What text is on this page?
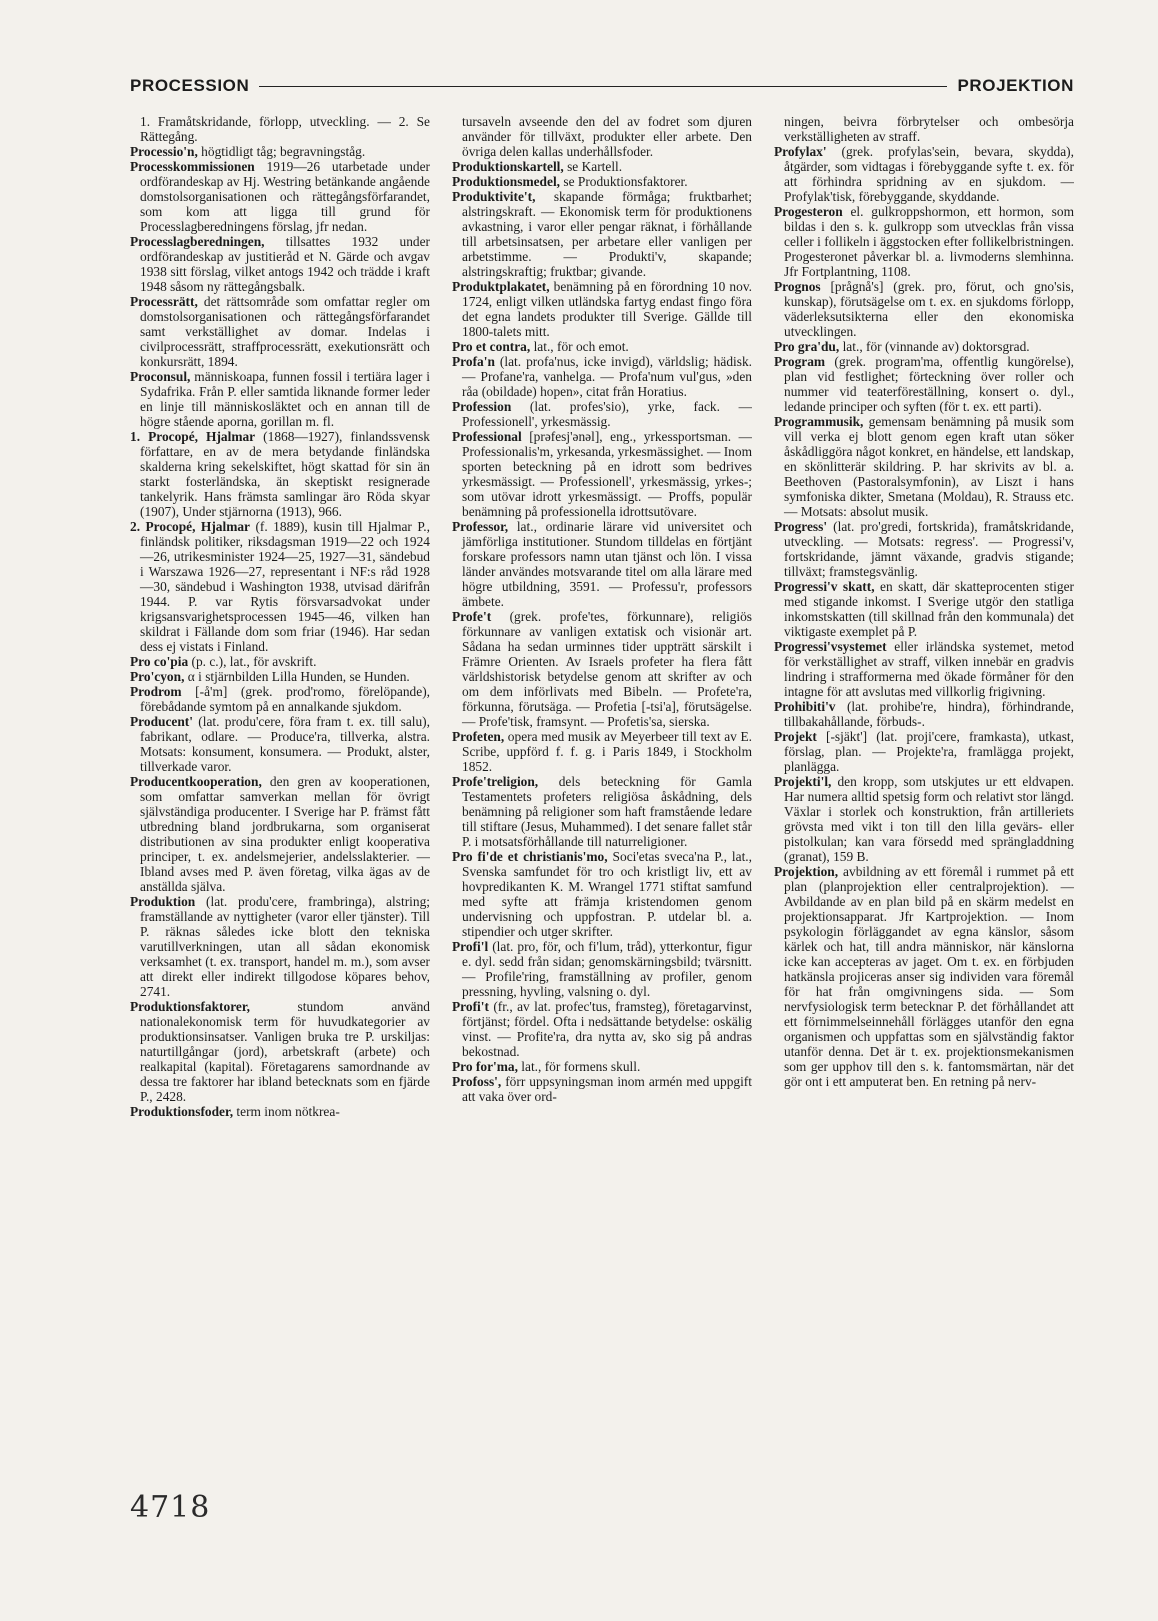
PROCESSION	PROJEKTION

1. Framåtskridande, förlopp, utveckling. — 2. Se Rättegång.

Processio'n, högtidligt tåg; begravningståg.

Processkommissionen 1919—26 utarbetade under ordförandeskap av Hj. Westring betänkande angående domstolsorganisationen och rättegångsförfarandet, som kom att ligga till grund för Processlagberedningens förslag, jfr nedan.

Processlagberedningen, tillsattes 1932 under ordförandeskap av justitieråd et N. Gärde och avgav 1938 sitt förslag, vilket antogs 1942 och trädde i kraft 1948 såsom ny rättegångsbalk.

Processrätt, det rättsområde som omfattar regler om domstolsorganisationen och rättegångsförfarandet samt verkställighet av domar. Indelas i civilprocessrätt, straffprocessrätt, exekutionsrätt och konkursrätt, 1894.

Proconsul, människoapa, funnen fossil i tertiära lager i Sydafrika. Från P. eller samtida liknande former leder en linje till människosläktet och en annan till de högre stående aporna, gorillan m. fl.

1. Procopé, Hjalmar (1868—1927), finlandssvensk författare, en av de mera betydande finländska skalderna kring sekelskiftet, högt skattad för sin än starkt fosterländska, än skeptiskt resignerade tankelyrik. Hans främsta samlingar äro Röda skyar (1907), Under stjärnorna (1913), 966.

2. Procopé, Hjalmar (f. 1889), kusin till Hjalmar P., finländsk politiker, riksdagsman 1919—22 och 1924—26, utrikesminister 1924—25, 1927—31, sändebud i Warszawa 1926—27, representant i NF:s råd 1928—30, sändebud i Washington 1938, utvisad därifrån 1944. P. var Rytis försvarsadvokat under krigsansvarighetsprocessen 1945—46, vilken han skildrat i Fällande dom som friar (1946). Har sedan dess ej vistats i Finland.

Pro co'pia (p. c.), lat., för avskrift.

Pro'cyon, α i stjärnbilden Lilla Hunden, se Hunden.

Prodrom [-å'm] (grek. prod'romo, förelöpande), förebådande symtom på en annalkande sjukdom.

Producent' (lat. produ'cere, föra fram t. ex. till salu), fabrikant, odlare. — Produce'ra, tillverka, alstra. Motsats: konsument, konsumera. — Produkt, alster, tillverkade varor.

Producentkooperation, den gren av kooperationen, som omfattar samverkan mellan för övrigt självständiga producenter. I Sverige har P. främst fått utbredning bland jordbrukarna, som organiserat distributionen av sina produkter enligt kooperativa principer, t. ex. andelsmejerier, andelsslakterier. — Ibland avses med P. även företag, vilka ägas av de anställda själva.

Produktion (lat. produ'cere, frambringa), alstring; framställande av nyttigheter (varor eller tjänster). Till P. räknas således icke blott den tekniska varutillverkningen, utan all sådan ekonomisk verksamhet (t. ex. transport, handel m. m.), som avser att direkt eller indirekt tillgodose köpares behov, 2741.

Produktionsfaktorer, stundom använd nationalekonomisk term för huvudkategorier av produktionsinsatser. Vanligen bruka tre P. urskiljas: naturtillgångar (jord), arbetskraft (arbete) och realkapital (kapital). Företagarens samordnande av dessa tre faktorer har ibland betecknats som en fjärde P., 2428.

Produktionsfoder, term inom nötkrea-

tursaveln avseende den del av fodret som djuren använder för tillväxt, produkter eller arbete. Den övriga delen kallas underhållsfoder.

Produktionskartell, se Kartell.

Produktionsmedel, se Produktionsfaktorer.

Produktivite't, skapande förmåga; fruktbarhet; alstringskraft. — Ekonomisk term för produktionens avkastning, i varor eller pengar räknat, i förhållande till arbetsinsatsen, per arbetare eller vanligen per arbetstimme. — Produkti'v, skapande; alstringskraftig; fruktbar; givande.

Produktplakatet, benämning på en förordning 10 nov. 1724, enligt vilken utländska fartyg endast fingo föra det egna landets produkter till Sverige. Gällde till 1800-talets mitt.

Pro et contra, lat., för och emot.

Profa'n (lat. profa'nus, icke invigd), världslig; hädisk. — Profane'ra, vanhelga. — Profa'num vul'gus, »den råa (obildade) hopen», citat från Horatius.

Profession (lat. profes'sio), yrke, fack. — Professionell', yrkesmässig.

Professional [prəfesj'ənəl], eng., yrkessportsman. — Professionalis'm, yrkesanda, yrkesmässighet. — Inom sporten beteckning på en idrott som bedrives yrkesmässigt. — Professionell', yrkesmässig, yrkes-; som utövar idrott yrkesmässigt. — Proffs, populär benämning på professionella idrottsutövare.

Professor, lat., ordinarie lärare vid universitet och jämförliga institutioner. Stundom tilldelas en förtjänt forskare professors namn utan tjänst och lön. I vissa länder användes motsvarande titel om alla lärare med högre utbildning, 3591. — Professu'r, professors ämbete.

Profe't (grek. profe'tes, förkunnare), religiös förkunnare av vanligen extatisk och visionär art. Sådana ha sedan urminnes tider uppträtt särskilt i Främre Orienten. Av Israels profeter ha flera fått världshistorisk betydelse genom att skrifter av och om dem införlivats med Bibeln. — Profete'ra, förkunna, förutsäga. — Profetia [-tsi'a], förutsägelse. — Profe'tisk, framsynt. — Profetis'sa, sierska.

Profeten, opera med musik av Meyerbeer till text av E. Scribe, uppförd f. f. g. i Paris 1849, i Stockholm 1852.

Profe'treligion, dels beteckning för Gamla Testamentets profeters religiösa åskådning, dels benämning på religioner som haft framstående ledare till stiftare (Jesus, Muhammed). I det senare fallet står P. i motsatsförhållande till naturreligioner.

Pro fi'de et christianis'mo, Soci'etas sveca'na P., lat., Svenska samfundet för tro och kristligt liv, ett av hovpredikanten K. M. Wrangel 1771 stiftat samfund med syfte att främja kristendomen genom undervisning och uppfostran. P. utdelar bl. a. stipendier och utger skrifter.

Profi'l (lat. pro, för, och fi'lum, tråd), ytterkontur, figur e. dyl. sedd från sidan; genomskärningsbild; tvärsnitt. — Profile'ring, framställning av profiler, genom pressning, hyvling, valsning o. dyl.

Profi't (fr., av lat. profec'tus, framsteg), företagarvinst, förtjänst; fördel. Ofta i nedsättande betydelse: oskälig vinst. — Profite'ra, dra nytta av, sko sig på andras bekostnad.

Pro for'ma, lat., för formens skull.

Profoss', förr uppsyningsman inom armén med uppgift att vaka över ord-

ningen, beivra förbrytelser och ombesörja verkställigheten av straff.

Profylax' (grek. profylas'sein, bevara, skydda), åtgärder, som vidtagas i förebyggande syfte t. ex. för att förhindra spridning av en sjukdom. — Profylak'tisk, förebyggande, skyddande.

Progesteron el. gulkroppshormon, ett hormon, som bildas i den s. k. gulkropp som utvecklas från vissa celler i follikeln i äggstocken efter follikelbristningen. Progesteronet påverkar bl. a. livmoderns slemhinna. Jfr Fortplantning, 1108.

Prognos [prågnå's] (grek. pro, förut, och gno'sis, kunskap), förutsägelse om t. ex. en sjukdoms förlopp, väderleksutsikterna eller den ekonomiska utvecklingen.

Pro gra'du, lat., för (vinnande av) doktorsgrad.

Program (grek. program'ma, offentlig kungörelse), plan vid festlighet; förteckning över roller och nummer vid teaterföreställning, konsert o. dyl., ledande principer och syften (för t. ex. ett parti).

Programmusik, gemensam benämning på musik som vill verka ej blott genom egen kraft utan söker åskådliggöra något konkret, en händelse, ett landskap, en skönlitterär skildring. P. har skrivits av bl. a. Beethoven (Pastoralsymfonin), av Liszt i hans symfoniska dikter, Smetana (Moldau), R. Strauss etc. — Motsats: absolut musik.

Progress' (lat. pro'gredi, fortskrida), framåtskridande, utveckling. — Motsats: regress'. — Progressi'v, fortskridande, jämnt växande, gradvis stigande; tillväxt; framstegsvänlig.

Progressi'v skatt, en skatt, där skatteprocenten stiger med stigande inkomst. I Sverige utgör den statliga inkomstskatten (till skillnad från den kommunala) det viktigaste exemplet på P.

Progressi'vsystemet eller irländska systemet, metod för verkställighet av straff, vilken innebär en gradvis lindring i strafformerna med ökade förmåner för den intagne för att avslutas med villkorlig frigivning.

Prohibiti'v (lat. prohibe're, hindra), förhindrande, tillbakahållande, förbuds-.

Projekt [-sjäkt'] (lat. proji'cere, framkasta), utkast, förslag, plan. — Projekte'ra, framlägga projekt, planlägga.

Projekti'l, den kropp, som utskjutes ur ett eldvapen. Har numera alltid spetsig form och relativt stor längd. Växlar i storlek och konstruktion, från artilleriets grövsta med vikt i ton till den lilla gevärs- eller pistolkulan; kan vara försedd med sprängladdning (granat), 159 B.

Projektion, avbildning av ett föremål i rummet på ett plan (planprojektion eller centralprojektion). — Avbildande av en plan bild på en skärm medelst en projektionsapparat. Jfr Kartprojektion. — Inom psykologin förläggandet av egna känslor, såsom kärlek och hat, till andra människor, när känslorna icke kan accepteras av jaget. Om t. ex. en förbjuden hatkänsla projiceras anser sig individen vara föremål för hat från omgivningens sida. — Som nervfysiologisk term betecknar P. det förhållandet att ett förnimmelseinnehåll förlägges utanför den egna organismen och uppfattas som en självständig faktor utanför denna. Det är t. ex. projektionsmekanismen som ger upphov till den s. k. fantomsmärtan, när det gör ont i ett amputerat ben. En retning på nerv-

4718
